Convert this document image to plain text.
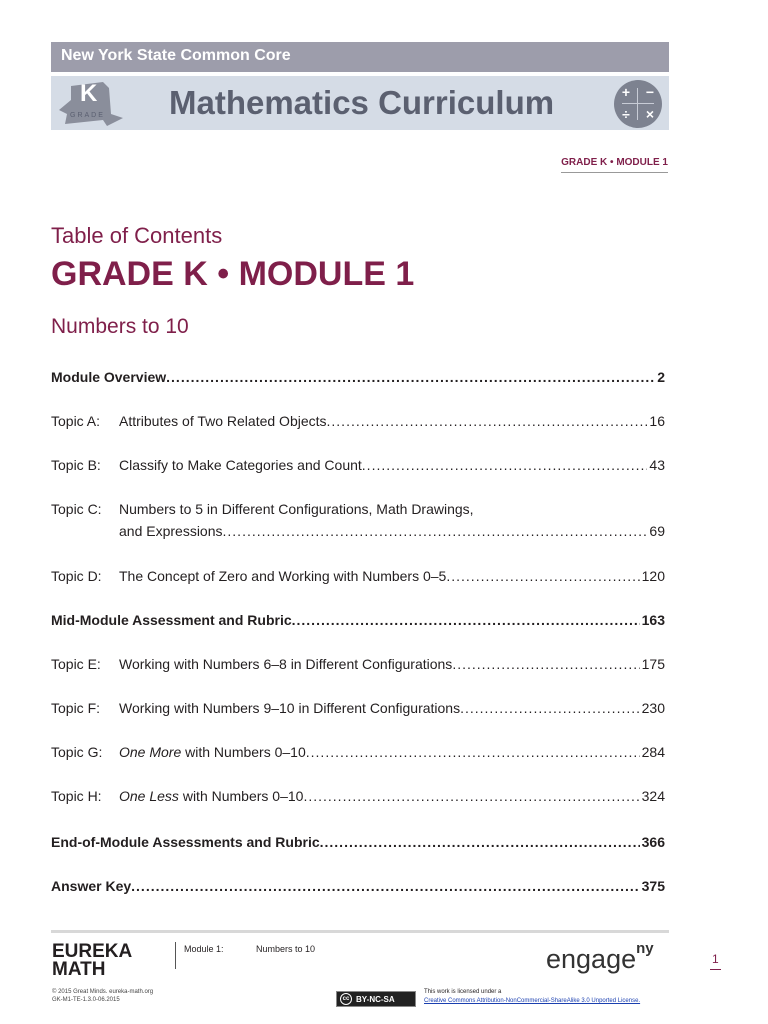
New York State Common Core
K
GRADE Mathematics Curriculum	+	−
÷	×
GRADE K • MODULE 1
Table of Contents
GRADE K • MODULE 1
Numbers to 10
Module Overview .....	2
Topic A:	Attributes of Two Related Objects .....	16
Topic B:	Classify to Make Categories and Count .....	43
Topic C:	Numbers to 5 in Different Configurations, Math Drawings,
and Expressions .....	69
Topic D:	The Concept of Zero and Working with Numbers 0–5 .....	120
Mid-Module Assessment and Rubric .....	163
Topic E:	Working with Numbers 6–8 in Different Configurations .....	175
Topic F:	Working with Numbers 9–10 in Different Configurations .....	230
Topic G:	One More with Numbers 0–10 .....	284
Topic H:	One Less with Numbers 0–10 .....	324
End-of-Module Assessments and Rubric .....	366
Answer Key .....	375
EUREKA
MATH
Module 1:	Numbers to 10	engage$^{ny}$
1
© 2015 Great Minds. eureka-math.org
GK-M1-TE-1.3.0-06.2015	cc BY-NC-SA
This work is licensed under a
Creative Commons Attribution-NonCommercial-ShareAlike 3.0 Unported License.
